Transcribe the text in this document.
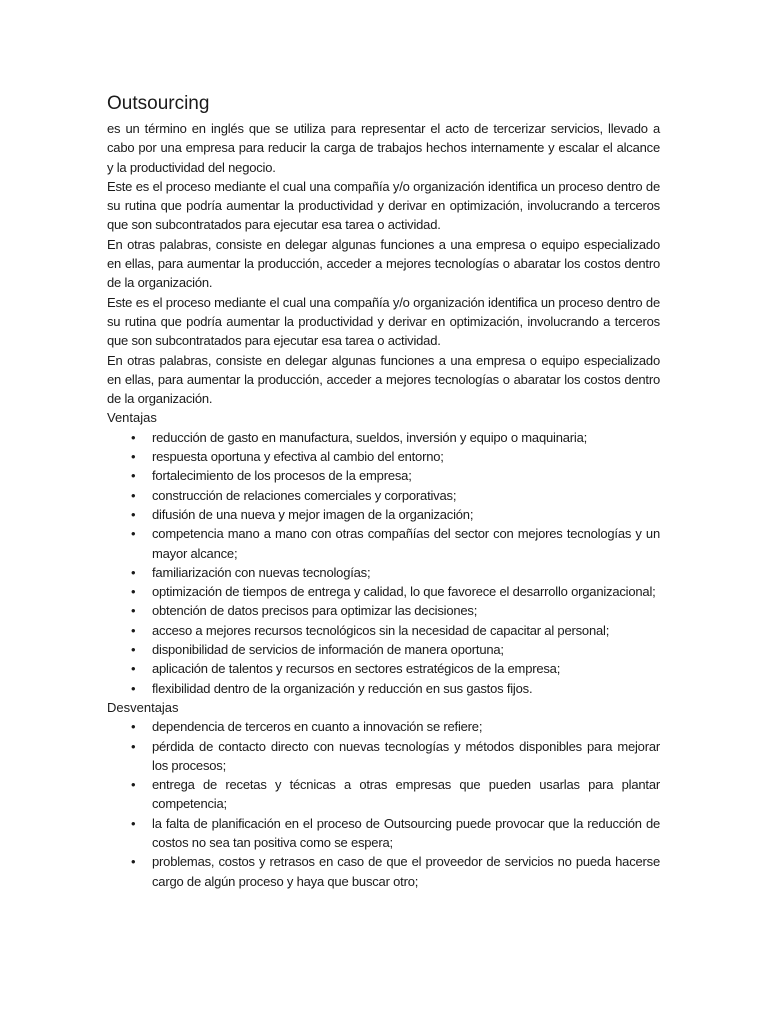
Outsourcing

es un término en inglés que se utiliza para representar el acto de tercerizar servicios, llevado a cabo por una empresa para reducir la carga de trabajos hechos internamente y escalar el alcance y la productividad del negocio.

Este es el proceso mediante el cual una compañía y/o organización identifica un proceso dentro de su rutina que podría aumentar la productividad y derivar en optimización, involucrando a terceros que son subcontratados para ejecutar esa tarea o actividad.

En otras palabras, consiste en delegar algunas funciones a una empresa o equipo especializado en ellas, para aumentar la producción, acceder a mejores tecnologías o abaratar los costos dentro de la organización.

Este es el proceso mediante el cual una compañía y/o organización identifica un proceso dentro de su rutina que podría aumentar la productividad y derivar en optimización, involucrando a terceros que son subcontratados para ejecutar esa tarea o actividad.

En otras palabras, consiste en delegar algunas funciones a una empresa o equipo especializado en ellas, para aumentar la producción, acceder a mejores tecnologías o abaratar los costos dentro de la organización.

Ventajas
• reducción de gasto en manufactura, sueldos, inversión y equipo o maquinaria;
• respuesta oportuna y efectiva al cambio del entorno;
• fortalecimiento de los procesos de la empresa;
• construcción de relaciones comerciales y corporativas;
• difusión de una nueva y mejor imagen de la organización;
• competencia mano a mano con otras compañías del sector con mejores tecnologías y un mayor alcance;
• familiarización con nuevas tecnologías;
• optimización de tiempos de entrega y calidad, lo que favorece el desarrollo organizacional;
• obtención de datos precisos para optimizar las decisiones;
• acceso a mejores recursos tecnológicos sin la necesidad de capacitar al personal;
• disponibilidad de servicios de información de manera oportuna;
• aplicación de talentos y recursos en sectores estratégicos de la empresa;
• flexibilidad dentro de la organización y reducción en sus gastos fijos.
Desventajas
• dependencia de terceros en cuanto a innovación se refiere;
• pérdida de contacto directo con nuevas tecnologías y métodos disponibles para mejorar los procesos;
• entrega de recetas y técnicas a otras empresas que pueden usarlas para plantar competencia;
• la falta de planificación en el proceso de Outsourcing puede provocar que la reducción de costos no sea tan positiva como se espera;
• problemas, costos y retrasos en caso de que el proveedor de servicios no pueda hacerse cargo de algún proceso y haya que buscar otro;
